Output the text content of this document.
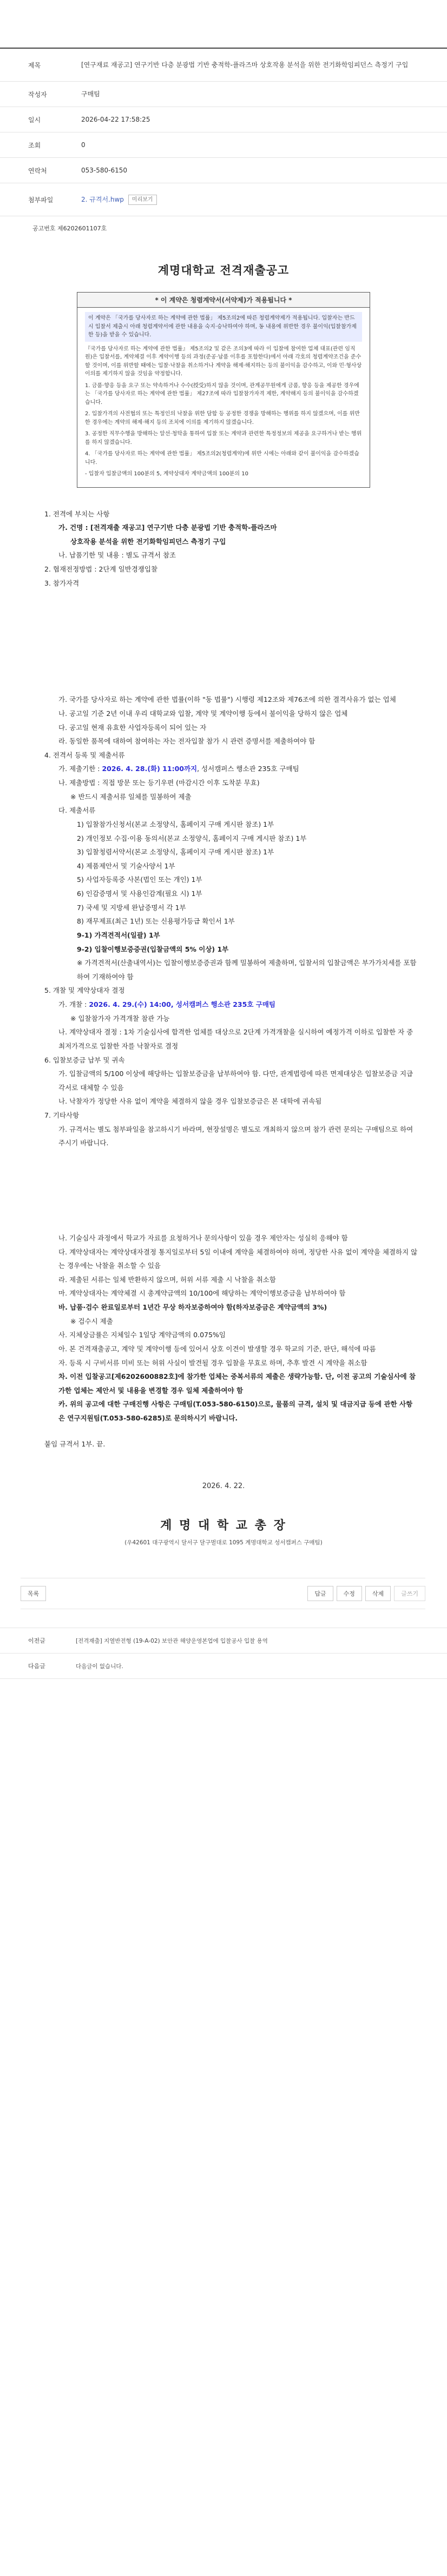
제목	[연구재료 재공고] 연구기반 다층 분광법 기반 충적학-플라즈마 상호작용 분석을 위한 전기화학임피던스 측정기 구입
작성자	구매팀
일시	2026-04-22 17:58:25
조회	0
연락처	053-580-6150
첨부파일	2. 규격서.hwp	미리보기
공고번호 제6202601107호
계명대학교 전격재출공고
* 이 계약은 청렴계약서(서약제)가 적용됩니다 *

이 계약은 「국가를 당사자로 하는 계약에 관한 법률」 제5조의2에 따른 청렴계약제가 적용됩니다. 입찰자는 반드시 입찰서 제출시 아래 청렴계약서에 관한 내용을 숙지·승낙하여야 하며, 동 내용에 위반한 경우 불이익(입찰참가제한 등)을 받을 수 있습니다.

『국가를 당사자로 하는 계약에 관한 법률』 제5조의2 및 같은 조의3에 따라 이 입찰에 참여한 업체 대표(관련 임직원)은 입찰서를, 계약체결 이후 계약이행 등의 과정(준공·납품 이후를 포함한다)에서 아래 각호의 청렴계약조건을 준수할 것이며, 이를 위반할 때에는 입찰·낙찰을 취소하거나 계약을 해제·해지하는 등의 불이익을 감수하고, 이와 민·형사상 이의를 제기하지 않을 것임을 약정합니다.

1. 금품·향응 등을 요구 또는 약속하거나 수수(授受)하지 않을 것이며, 관계공무원에게 금품, 향응 등을 제공한 경우에는 「국가를 당사자로 하는 계약에 관한 법률」 제27조에 따라 입찰참가자격 제한, 계약해지 등의 불이익을 감수하겠습니다.

2. 입찰가격의 사전협의 또는 특정인의 낙찰을 위한 담합 등 공정한 경쟁을 방해하는 행위를 하지 않겠으며, 이를 위반한 경우에는 계약의 해제·해지 등의 조치에 이의를 제기하지 않겠습니다.

3. 공정한 직무수행을 방해하는 알선·청탁을 통하여 입찰 또는 계약과 관련한 특정정보의 제공을 요구하거나 받는 행위를 하지 않겠습니다.

4. 「국가를 당사자로 하는 계약에 관한 법률」 제5조의2(청렴계약)에 위반 시에는 아래와 같이 불이익을 감수하겠습니다.

- 입찰자 입찰금액의 100분의 5, 계약상대자 계약금액의 100분의 10

1. 전격에 부치는 사항
가. 건명 : [전격재출 재공고] 연구기반 다층 분광법 기반 충적학-플라즈마
상호작용 분석을 위한 전기화학임피던스 측정기 구입
나. 납품기한 및 내용 : 별도 규격서 참조
2. 협재전정방법 : 2단계 일반경쟁입찰
3. 참가자격
가. 국가를 당사자로 하는 계약에 관한 법률(이하 "동 법률") 시행령 제12조와 제76조에 의한 결격사유가 없는 업체
나. 공고일 기준 2년 이내 우리 대학교와 입찰, 계약 및 계약이행 등에서 불이익을 당하지 않은 업체
다. 공고일 현재 유효한 사업자등록이 되어 있는 자
라. 동일한 품목에 대하여 참여하는 자는 전자입찰 참가 시 관련 증명서를 제출하여야 함
4. 전격서 등록 및 제출서류
가. 제출기한 : 2026. 4. 28.(화) 11:00까지, 성서캠퍼스 행소관 235호 구매팀
나. 제출방법 : 직접 방문 또는 등기우편 (마감시간 이후 도착분 무효)
※ 반드시 제출서류 일체를 밀봉하여 제출
다. 제출서류
1) 입찰참가신청서(본교 소정양식, 홈페이지 구매 게시판 참조) 1부
2) 개인정보 수집·이용 동의서(본교 소정양식, 홈페이지 구매 게시판 참조) 1부
3) 입찰청렴서약서(본교 소정양식, 홈페이지 구매 게시판 참조) 1부
4) 제품제안서 및 기술사양서 1부
5) 사업자등록증 사본(법인 또는 개인) 1부
6) 인감증명서 및 사용인감계(필요 시) 1부
7) 국세 및 지방세 완납증명서 각 1부
8) 재무제표(최근 1년) 또는 신용평가등급 확인서 1부
9-1) 가격견적서(일괄) 1부
9-2) 입찰이행보증증권(입찰금액의 5% 이상) 1부
※ 가격견적서(산출내역서)는 입찰이행보증증권과 함께 밀봉하여 제출하며, 입찰서의 입찰금액은 부가가치세를 포함하여 기재하여야 함
5. 개찰 및 계약상대자 결정
가. 개찰 : 2026. 4. 29.(수) 14:00, 성서캠퍼스 행소관 235호 구매팀
※ 입찰참가자 가격개찰 참관 가능
나. 계약상대자 결정 : 1차 기술심사에 합격한 업체를 대상으로 2단계 가격개찰을 실시하여 예정가격 이하로 입찰한 자 중 최저가격으로 입찰한 자를 낙찰자로 결정
6. 입찰보증금 납부 및 귀속
가. 입찰금액의 5/100 이상에 해당하는 입찰보증금을 납부하여야 함. 다만, 관계법령에 따른 면제대상은 입찰보증금 지급각서로 대체할 수 있음
나. 낙찰자가 정당한 사유 없이 계약을 체결하지 않을 경우 입찰보증금은 본 대학에 귀속됨
7. 기타사항
가. 규격서는 별도 첨부파일을 참고하시기 바라며, 현장설명은 별도로 개최하지 않으며 참가 관련 문의는 구매팀으로 하여 주시기 바랍니다.
나. 기술심사 과정에서 학교가 자료를 요청하거나 문의사항이 있을 경우 제안자는 성실히 응해야 함
다. 계약상대자는 계약상대자결정 통지일로부터 5일 이내에 계약을 체결하여야 하며, 정당한 사유 없이 계약을 체결하지 않는 경우에는 낙찰을 취소할 수 있음
라. 제출된 서류는 일체 반환하지 않으며, 허위 서류 제출 시 낙찰을 취소함
마. 계약상대자는 계약체결 시 총계약금액의 10/100에 해당하는 계약이행보증금을 납부하여야 함
바. 납품·검수 완료일로부터 1년간 무상 하자보증하여야 함(하자보증금은 계약금액의 3%)
※ 검수시 제출
사. 지체상금률은 지체일수 1일당 계약금액의 0.075%임
아. 본 건격재출공고, 계약 및 계약이행 등에 있어서 상호 이견이 발생할 경우 학교의 기준, 판단, 해석에 따름
자. 등록 시 구비서류 미비 또는 허위 사실이 발견될 경우 입찰을 무효로 하며, 추후 발견 시 계약을 취소함
차. 이전 입찰공고[제6202600882호]에 참가한 업체는 중복서류의 제출은 생략가능함. 단, 이전 공고의 기술심사에 참가한 업체는 제안서 및 내용을 변경할 경우 일체 제출하여야 함
카. 위의 공고에 대한 구매진행 사항은 구매팀(T.053-580-6150)으로, 물품의 규격, 설치 및 대금지급 등에 관한 사항은 연구지원팀(T.053-580-6285)로 문의하시기 바랍니다.
붙임 규격서 1부. 끝.
2026. 4. 22.
계 명 대 학 교 총 장
(우42601 대구광역시 달서구 달구벌대로 1095 계명대학교 성서캠퍼스 구매팀)
목록	답글	수정	삭제	글쓰기
이전글	[전격재출] 지열반전형 (19-A-02) 보안관 해양운영본업에 입찰공사 입찰 용역
다음글	다음글이 없습니다.
